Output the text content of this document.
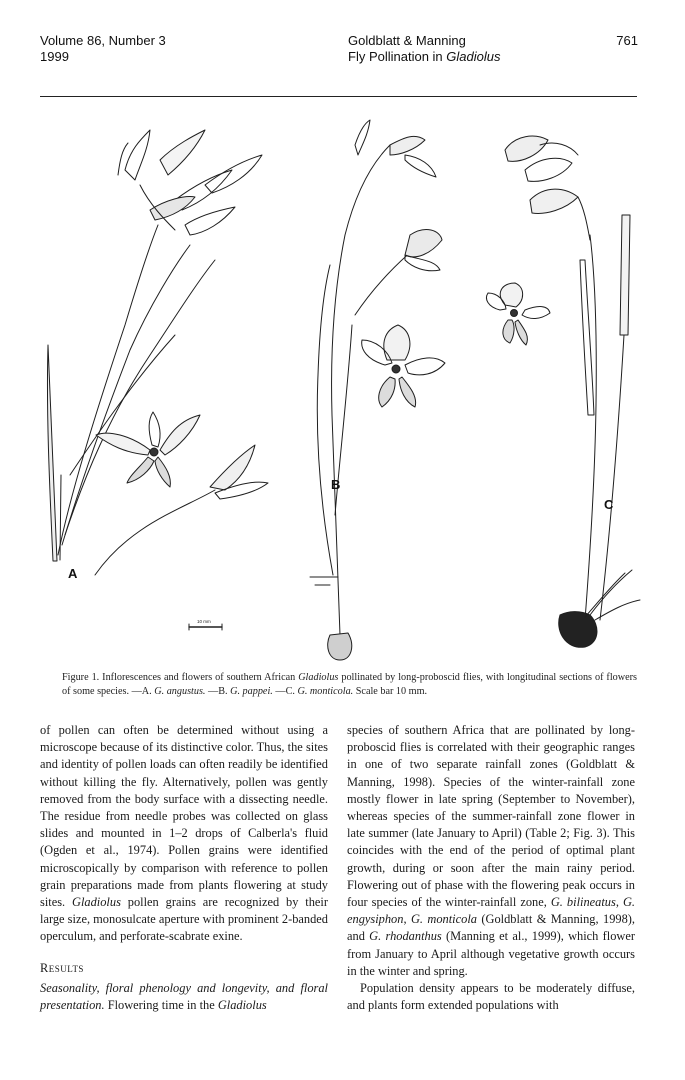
Volume 86, Number 3
1999
Goldblatt & Manning
Fly Pollination in Gladiolus
761
10 mm
A
B
C
Figure 1. Inflorescences and flowers of southern African Gladiolus pollinated by long-proboscid flies, with longitudinal sections of flowers of some species. —A. G. angustus. —B. G. pappei. —C. G. monticola. Scale bar 10 mm.

of pollen can often be determined without using a microscope because of its distinctive color. Thus, the sites and identity of pollen loads can often readily be identified without killing the fly. Alternatively, pollen was gently removed from the body surface with a dissecting needle. The residue from needle probes was collected on glass slides and mounted in 1–2 drops of Calberla's fluid (Ogden et al., 1974). Pollen grains were identified microscopically by comparison with reference to pollen grain preparations made from plants flowering at study sites. Gladiolus pollen grains are recognized by their large size, monosulcate aperture with prominent 2-banded operculum, and perforate-scabrate exine.

Results

Seasonality, floral phenology and longevity, and floral presentation. Flowering time in the Gladiolus

species of southern Africa that are pollinated by long-proboscid flies is correlated with their geographic ranges in one of two separate rainfall zones (Goldblatt & Manning, 1998). Species of the winter-rainfall zone mostly flower in late spring (September to November), whereas species of the summer-rainfall zone flower in late summer (late January to April) (Table 2; Fig. 3). This coincides with the end of the period of optimal plant growth, during or soon after the main rainy period. Flowering out of phase with the flowering peak occurs in four species of the winter-rainfall zone, G. bilineatus, G. engysiphon, G. monticola (Goldblatt & Manning, 1998), and G. rhodanthus (Manning et al., 1999), which flower from January to April although vegetative growth occurs in the winter and spring.

Population density appears to be moderately diffuse, and plants form extended populations with
